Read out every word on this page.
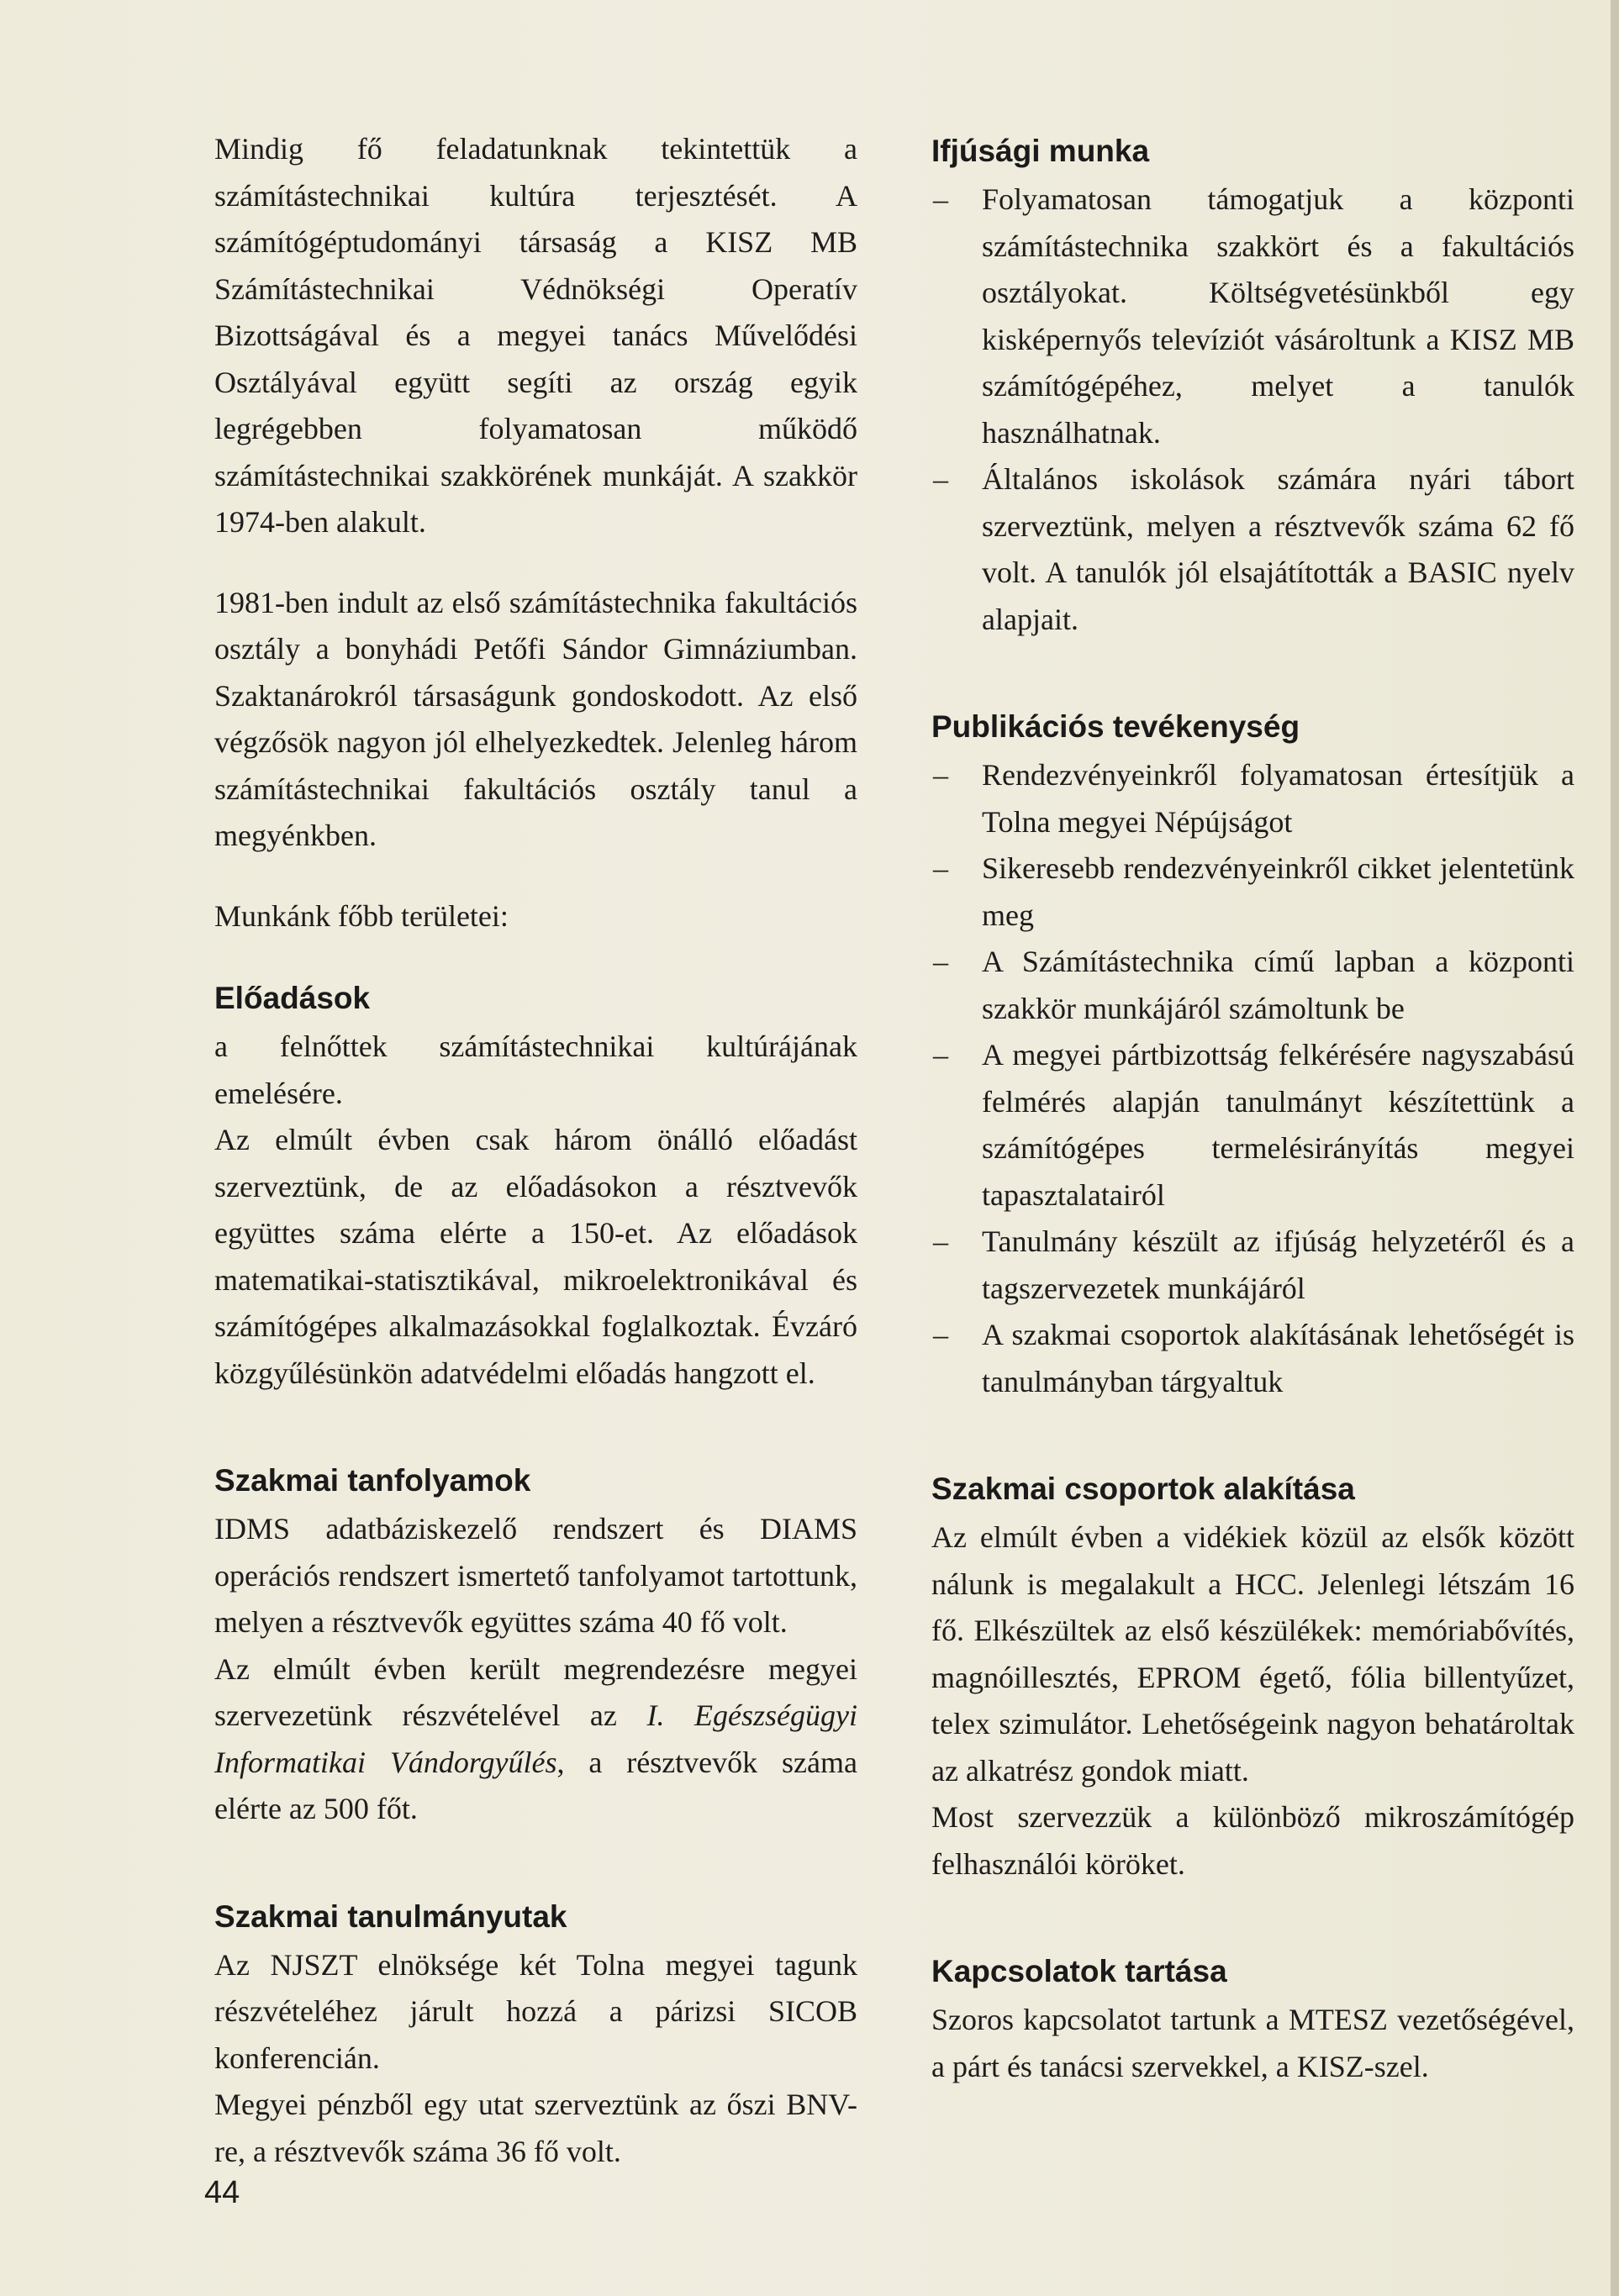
Mindig fő feladatunknak tekintettük a számítástechnikai kultúra terjesztését. A számítógéptudományi társaság a KISZ MB Számítástechnikai Védnökségi Operatív Bizottságával és a megyei tanács Művelődési Osztályával együtt segíti az ország egyik legrégebben folyamatosan működő számítástechnikai szakkörének munkáját. A szakkör 1974-ben alakult.

1981-ben indult az első számítástechnika fakultációs osztály a bonyhádi Petőfi Sándor Gimnáziumban. Szaktanárokról társaságunk gondoskodott. Az első végzősök nagyon jól elhelyezkedtek. Jelenleg három számítástechnikai fakultációs osztály tanul a megyénkben.

Munkánk főbb területei:

Előadások

a felnőttek számítástechnikai kultúrájának emelésére.

Az elmúlt évben csak három önálló előadást szerveztünk, de az előadásokon a résztvevők együttes száma elérte a 150-et. Az előadások matematikai-statisztikával, mikroelektronikával és számítógépes alkalmazásokkal foglalkoztak. Évzáró közgyűlésünkön adatvédelmi előadás hangzott el.

Szakmai tanfolyamok

IDMS adatbáziskezelő rendszert és DIAMS operációs rendszert ismertető tanfolyamot tartottunk, melyen a résztvevők együttes száma 40 fő volt.

Az elmúlt évben került megrendezésre megyei szervezetünk részvételével az I. Egészségügyi Informatikai Vándorgyűlés, a résztvevők száma elérte az 500 főt.

Szakmai tanulmányutak

Az NJSZT elnöksége két Tolna megyei tagunk részvételéhez járult hozzá a párizsi SICOB konferencián.

Megyei pénzből egy utat szerveztünk az őszi BNV-re, a résztvevők száma 36 fő volt.

Ifjúsági munka
– Folyamatosan támogatjuk a központi számítástechnika szakkört és a fakultációs osztályokat. Költségvetésünkből egy kisképernyős televíziót vásároltunk a KISZ MB számítógépéhez, melyet a tanulók használhatnak.
– Általános iskolások számára nyári tábort szerveztünk, melyen a résztvevők száma 62 fő volt. A tanulók jól elsajátították a BASIC nyelv alapjait.
Publikációs tevékenység
– Rendezvényeinkről folyamatosan értesítjük a Tolna megyei Népújságot
– Sikeresebb rendezvényeinkről cikket jelentetünk meg
– A Számítástechnika című lapban a központi szakkör munkájáról számoltunk be
– A megyei pártbizottság felkérésére nagyszabású felmérés alapján tanulmányt készítettünk a számítógépes termelésirányítás megyei tapasztalatairól
– Tanulmány készült az ifjúság helyzetéről és a tagszervezetek munkájáról
– A szakmai csoportok alakításának lehetőségét is tanulmányban tárgyaltuk
Szakmai csoportok alakítása

Az elmúlt évben a vidékiek közül az elsők között nálunk is megalakult a HCC. Jelenlegi létszám 16 fő. Elkészültek az első készülékek: memóriabővítés, magnóillesztés, EPROM égető, fólia billentyűzet, telex szimulátor. Lehetőségeink nagyon behatároltak az alkatrész gondok miatt.

Most szervezzük a különböző mikroszámítógép felhasználói köröket.

Kapcsolatok tartása

Szoros kapcsolatot tartunk a MTESZ vezetőségével, a párt és tanácsi szervekkel, a KISZ-szel.

44
